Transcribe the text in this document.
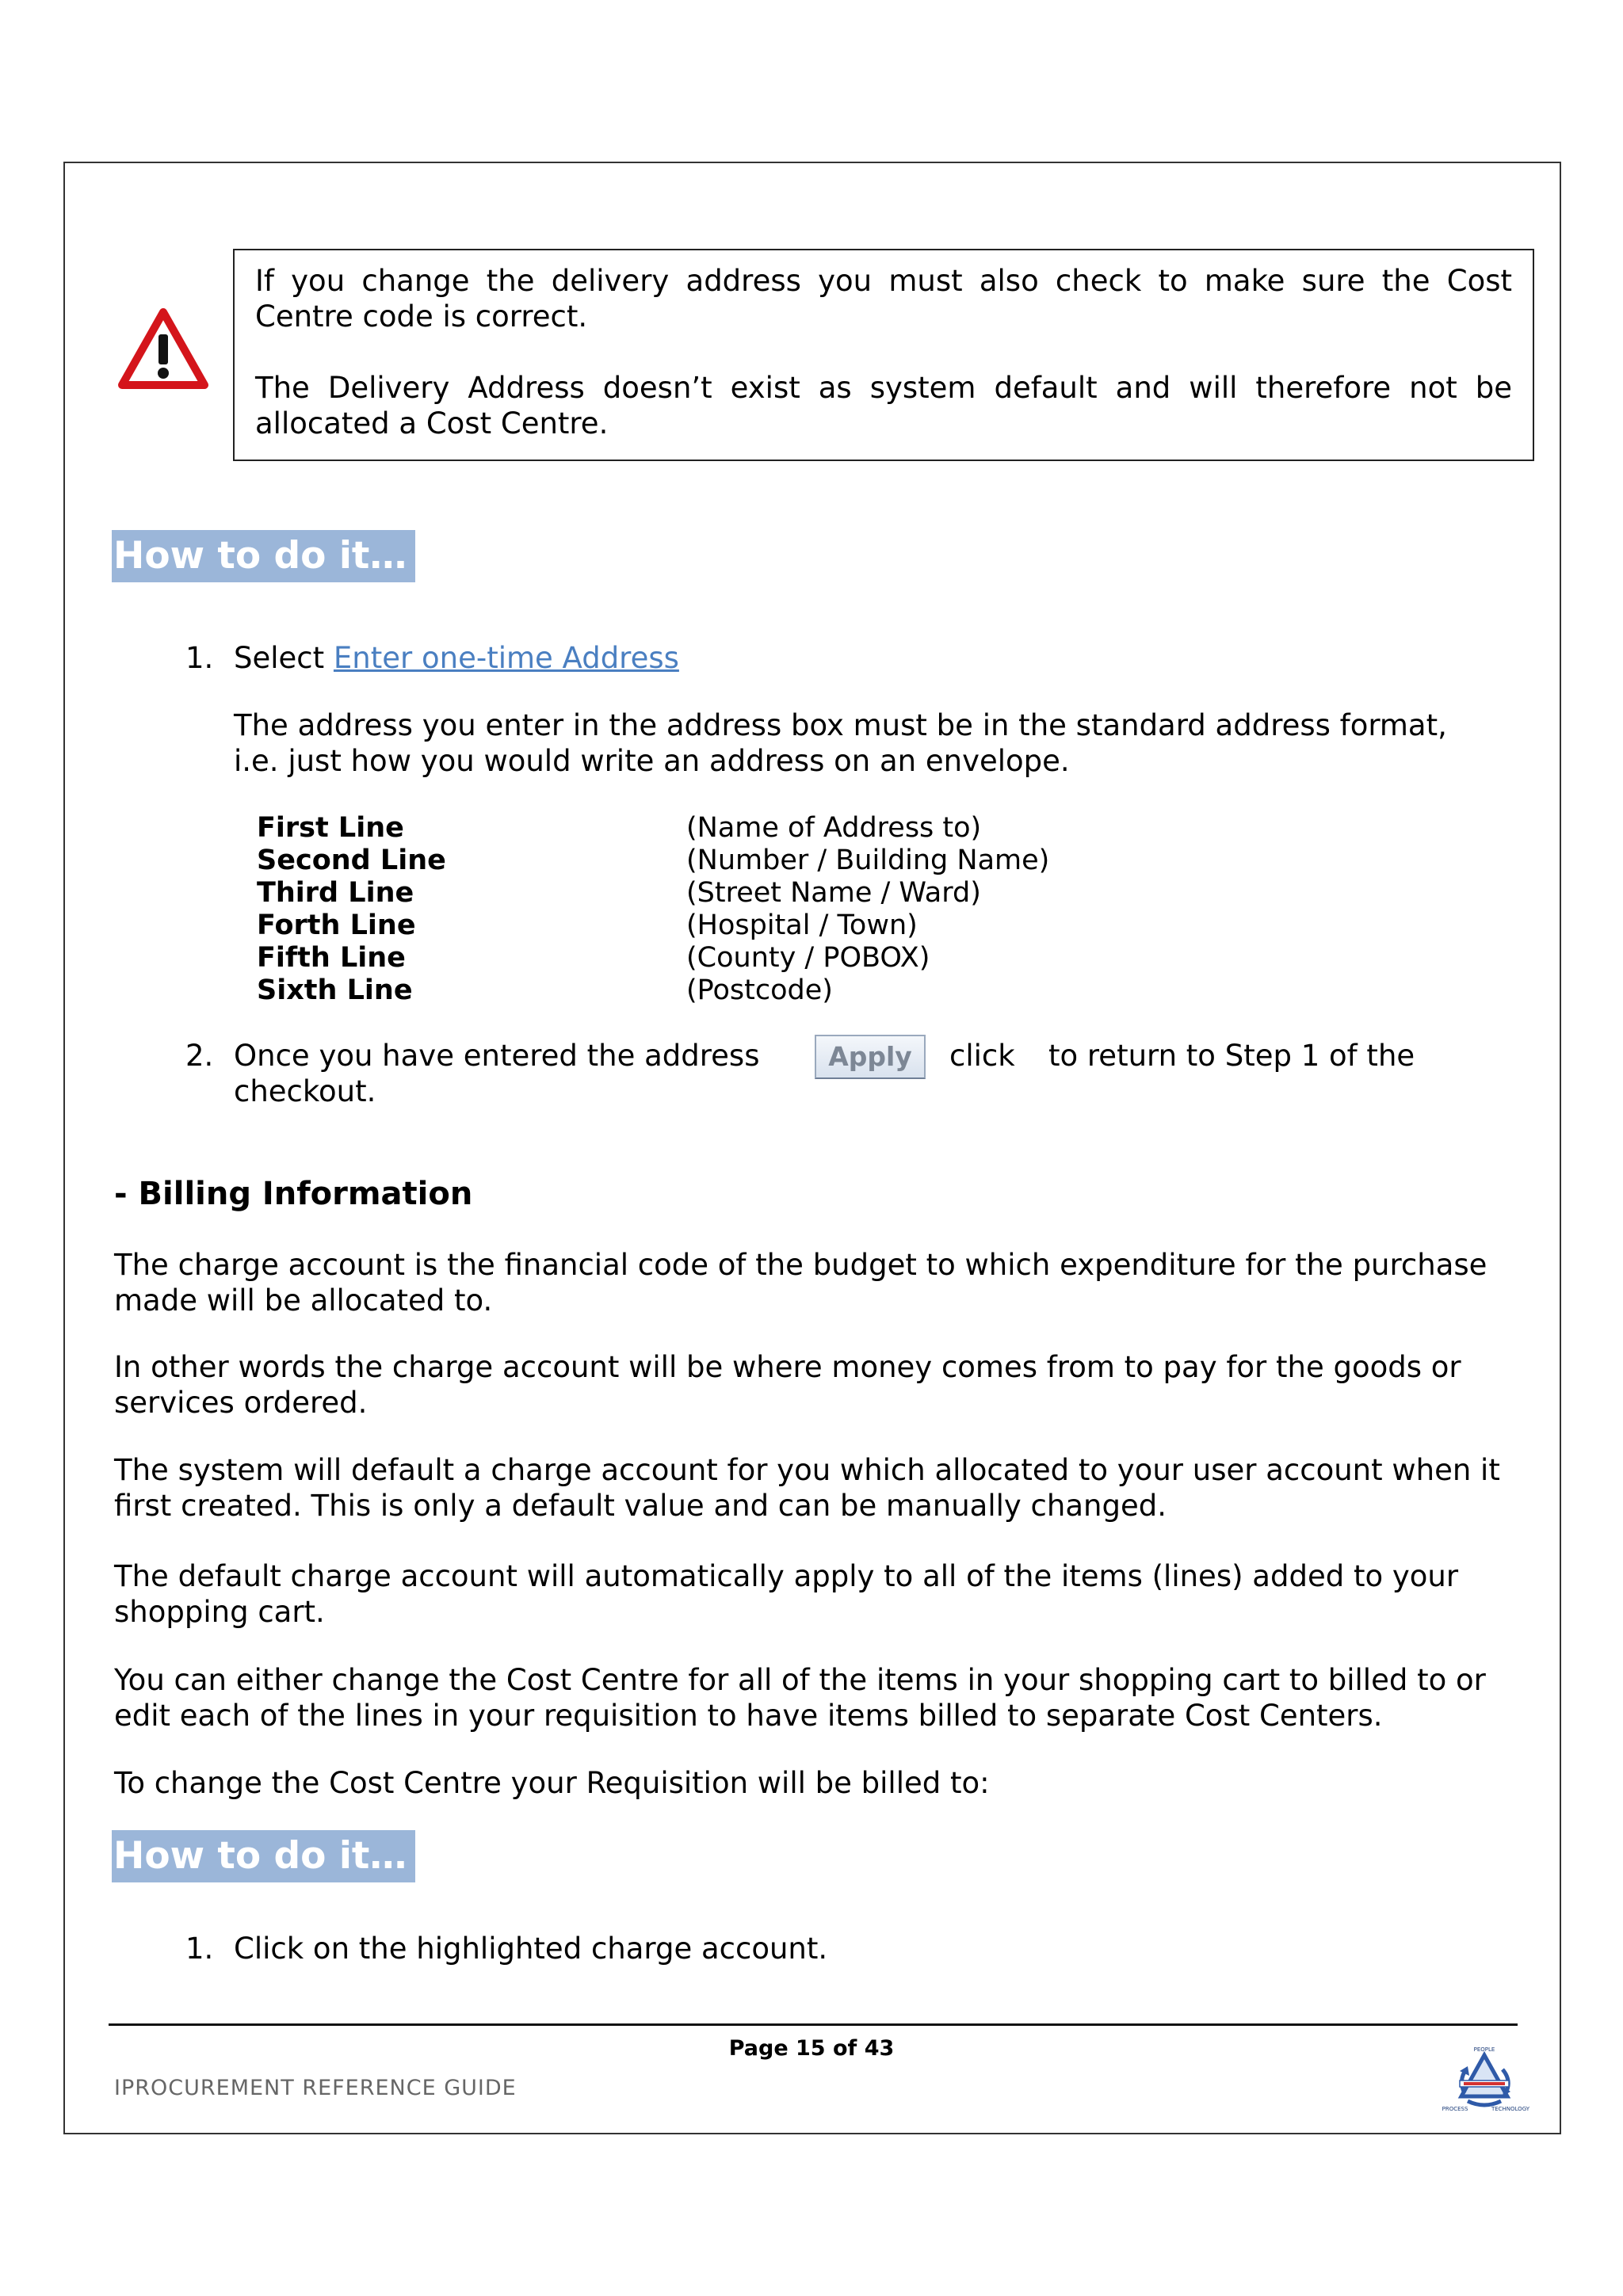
If you change the delivery address you must also check to make sure the Cost Centre code is correct.

The Delivery Address doesn’t exist as system default and will therefore not be allocated a Cost Centre.

How to do it…
1. Select Enter one-time Address
The address you enter in the address box must be in the standard address format, i.e. just how you would write an address on an envelope.
First Line	(Name of Address to)
Second Line	(Number / Building Name)
Third Line	(Street Name / Ward)
Forth Line	(Hospital / Town)
Fifth Line	(County / POBOX)
Sixth Line	(Postcode)
2. Once you have entered the address	Apply	click to return to Step 1 of the
checkout.
- Billing Information
The charge account is the financial code of the budget to which expenditure for the purchase made will be allocated to.
In other words the charge account will be where money comes from to pay for the goods or services ordered.
The system will default a charge account for you which allocated to your user account when it first created. This is only a default value and can be manually changed.
The default charge account will automatically apply to all of the items (lines) added to your shopping cart.
You can either change the Cost Centre for all of the items in your shopping cart to billed to or edit each of the lines in your requisition to have items billed to separate Cost Centers.
To change the Cost Centre your Requisition will be billed to:
How to do it…
1. Click on the highlighted charge account.
Page 15 of 43
IPROCUREMENT REFERENCE GUIDE
PEOPLE
PROCESS	TECHNOLOGY
